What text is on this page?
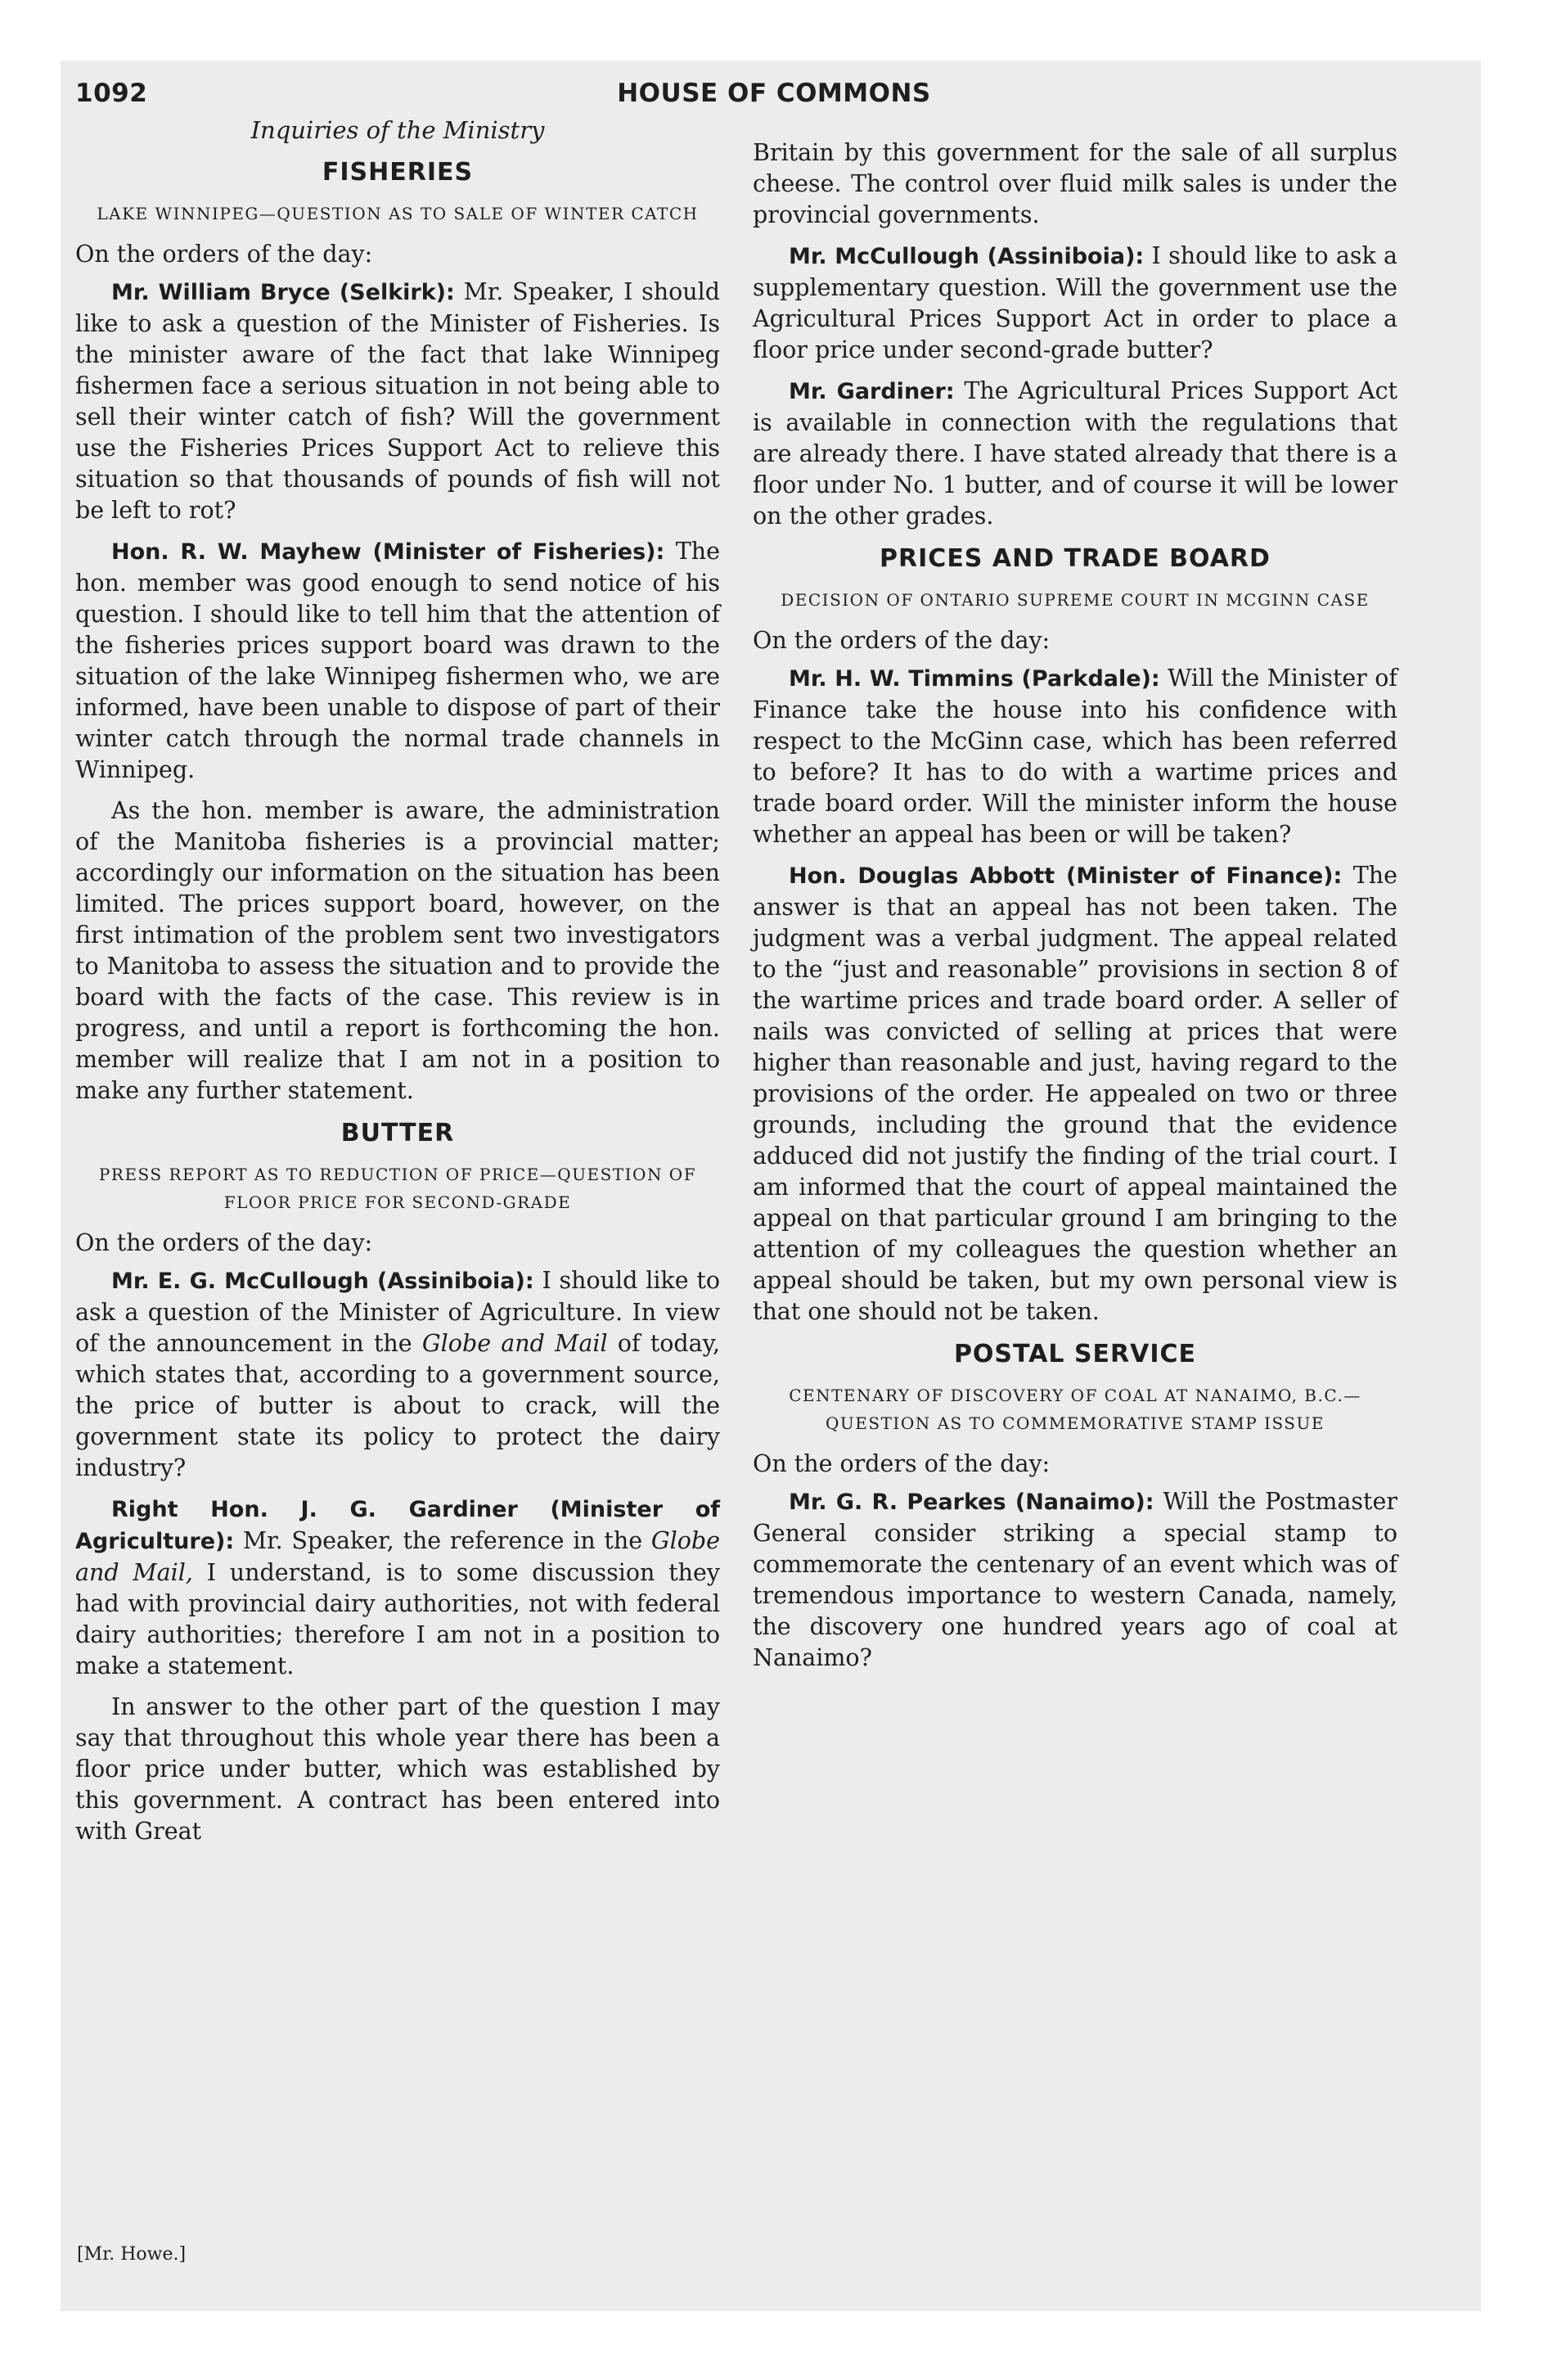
1092	HOUSE OF COMMONS
Inquiries of the Ministry
FISHERIES
LAKE WINNIPEG—QUESTION AS TO SALE OF WINTER CATCH

On the orders of the day:

Mr. William Bryce (Selkirk): Mr. Speaker, I should like to ask a question of the Minister of Fisheries. Is the minister aware of the fact that lake Winnipeg fishermen face a serious situation in not being able to sell their winter catch of fish? Will the government use the Fisheries Prices Support Act to relieve this situation so that thousands of pounds of fish will not be left to rot?

Hon. R. W. Mayhew (Minister of Fisheries): The hon. member was good enough to send notice of his question. I should like to tell him that the attention of the fisheries prices support board was drawn to the situation of the lake Winnipeg fishermen who, we are informed, have been unable to dispose of part of their winter catch through the normal trade channels in Winnipeg.

As the hon. member is aware, the administration of the Manitoba fisheries is a provincial matter; accordingly our information on the situation has been limited. The prices support board, however, on the first intimation of the problem sent two investigators to Manitoba to assess the situation and to provide the board with the facts of the case. This review is in progress, and until a report is forthcoming the hon. member will realize that I am not in a position to make any further statement.

BUTTER
PRESS REPORT AS TO REDUCTION OF PRICE—QUESTION OF FLOOR PRICE FOR SECOND-GRADE

On the orders of the day:

Mr. E. G. McCullough (Assiniboia): I should like to ask a question of the Minister of Agriculture. In view of the announcement in the Globe and Mail of today, which states that, according to a government source, the price of butter is about to crack, will the government state its policy to protect the dairy industry?

Right Hon. J. G. Gardiner (Minister of Agriculture): Mr. Speaker, the reference in the Globe and Mail, I understand, is to some discussion they had with provincial dairy authorities, not with federal dairy authorities; therefore I am not in a position to make a statement.

In answer to the other part of the question I may say that throughout this whole year there has been a floor price under butter, which was established by this government. A contract has been entered into with Great

Britain by this government for the sale of all surplus cheese. The control over fluid milk sales is under the provincial governments.

Mr. McCullough (Assiniboia): I should like to ask a supplementary question. Will the government use the Agricultural Prices Support Act in order to place a floor price under second-grade butter?

Mr. Gardiner: The Agricultural Prices Support Act is available in connection with the regulations that are already there. I have stated already that there is a floor under No. 1 butter, and of course it will be lower on the other grades.

PRICES AND TRADE BOARD
DECISION OF ONTARIO SUPREME COURT IN MCGINN CASE

On the orders of the day:

Mr. H. W. Timmins (Parkdale): Will the Minister of Finance take the house into his confidence with respect to the McGinn case, which has been referred to before? It has to do with a wartime prices and trade board order. Will the minister inform the house whether an appeal has been or will be taken?

Hon. Douglas Abbott (Minister of Finance): The answer is that an appeal has not been taken. The judgment was a verbal judgment. The appeal related to the “just and reasonable” provisions in section 8 of the wartime prices and trade board order. A seller of nails was convicted of selling at prices that were higher than reasonable and just, having regard to the provisions of the order. He appealed on two or three grounds, including the ground that the evidence adduced did not justify the finding of the trial court. I am informed that the court of appeal maintained the appeal on that particular ground I am bringing to the attention of my colleagues the question whether an appeal should be taken, but my own personal view is that one should not be taken.

POSTAL SERVICE
CENTENARY OF DISCOVERY OF COAL AT NANAIMO, B.C.—QUESTION AS TO COMMEMORATIVE STAMP ISSUE

On the orders of the day:

Mr. G. R. Pearkes (Nanaimo): Will the Postmaster General consider striking a special stamp to commemorate the centenary of an event which was of tremendous importance to western Canada, namely, the discovery one hundred years ago of coal at Nanaimo?

[Mr. Howe.]
